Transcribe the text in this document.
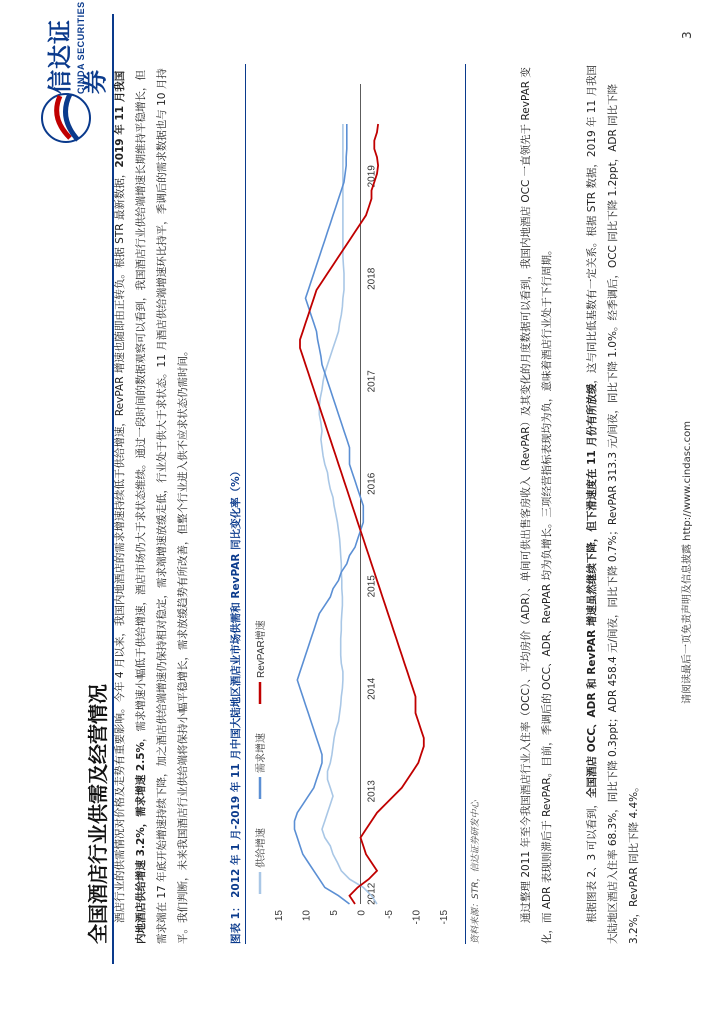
信达证券
CINDA SECURITIES
全国酒店行业供需及经营情况 酒店行业的供需情况对价格及走势有重要影响。今年 4 月以来，我国内地酒店的需求增速持续低于供给增速，RevPAR 增速也随即由正转负。根据 STR 最新数据，2019 年 11 月我国内地酒店供给增速 3.2%，需求增速 2.5%，需求增速小幅低于供给增速，酒店市场仍大于求状态维续。通过一段时间的数据观察可以看到，我国酒店行业供给端增速长期维持平稳增长，但需求端在 17 年底开始增速持续下降，加之酒店供给端增速仍保持相对稳定，需求端增速放缓走低，行业处于供大于求状态。11 月酒店供给端增速环比持平，季调后的需求数据也与 10 月持平。我们判断，未来我国酒店行业供给端将保持小幅平稳增长，需求放缓趋势有所改善，但整个行业进入供不应求状态仍需时间。	图表 1： 2012 年 1 月-2019 年 11 月中国大陆地区酒店业市场供需和 RevPAR 同比变化率（%）	15 10 5 0 -5 -10 -15
2012
2013
2014
2015
2016
2017
2018
2019
供给增速
需求增速
RevPAR增速
资料来源：STR，信达证券研发中心	通过整理 2011 年至今我国酒店行业入住率（OCC）、平均房价（ADR）、单间可供出售客房收入（RevPAR）及其变化的月度数据可以看到，我国内地酒店 OCC 一直领先于 RevPAR 变化，而 ADR 表现则滞后于 RevPAR。目前，季调后的 OCC、ADR、RevPAR 均为负增长。三项经营指标表现均为负，意味着酒店行业处于下行周期。	根据图表 2、3 可以看到，全国酒店 OCC、ADR 和 RevPAR 增速虽然继续下降，但下滑速度在 11 月份有所放缓，这与同比低基数有一定关系。根据 STR 数据，2019 年 11 月我国大陆地区酒店入住率 68.3%，同比下降 0.3ppt；ADR 458.4 元/间夜，同比下降 0.7%；RevPAR 313.3 元/间夜，同比下降 1.0%。经季调后，OCC 同比下降 1.2ppt，ADR 同比下降 3.2%，RevPAR 同比下降 4.4%。
请阅读最后一页免责声明及信息披露 http://www.cindasc.com
3
